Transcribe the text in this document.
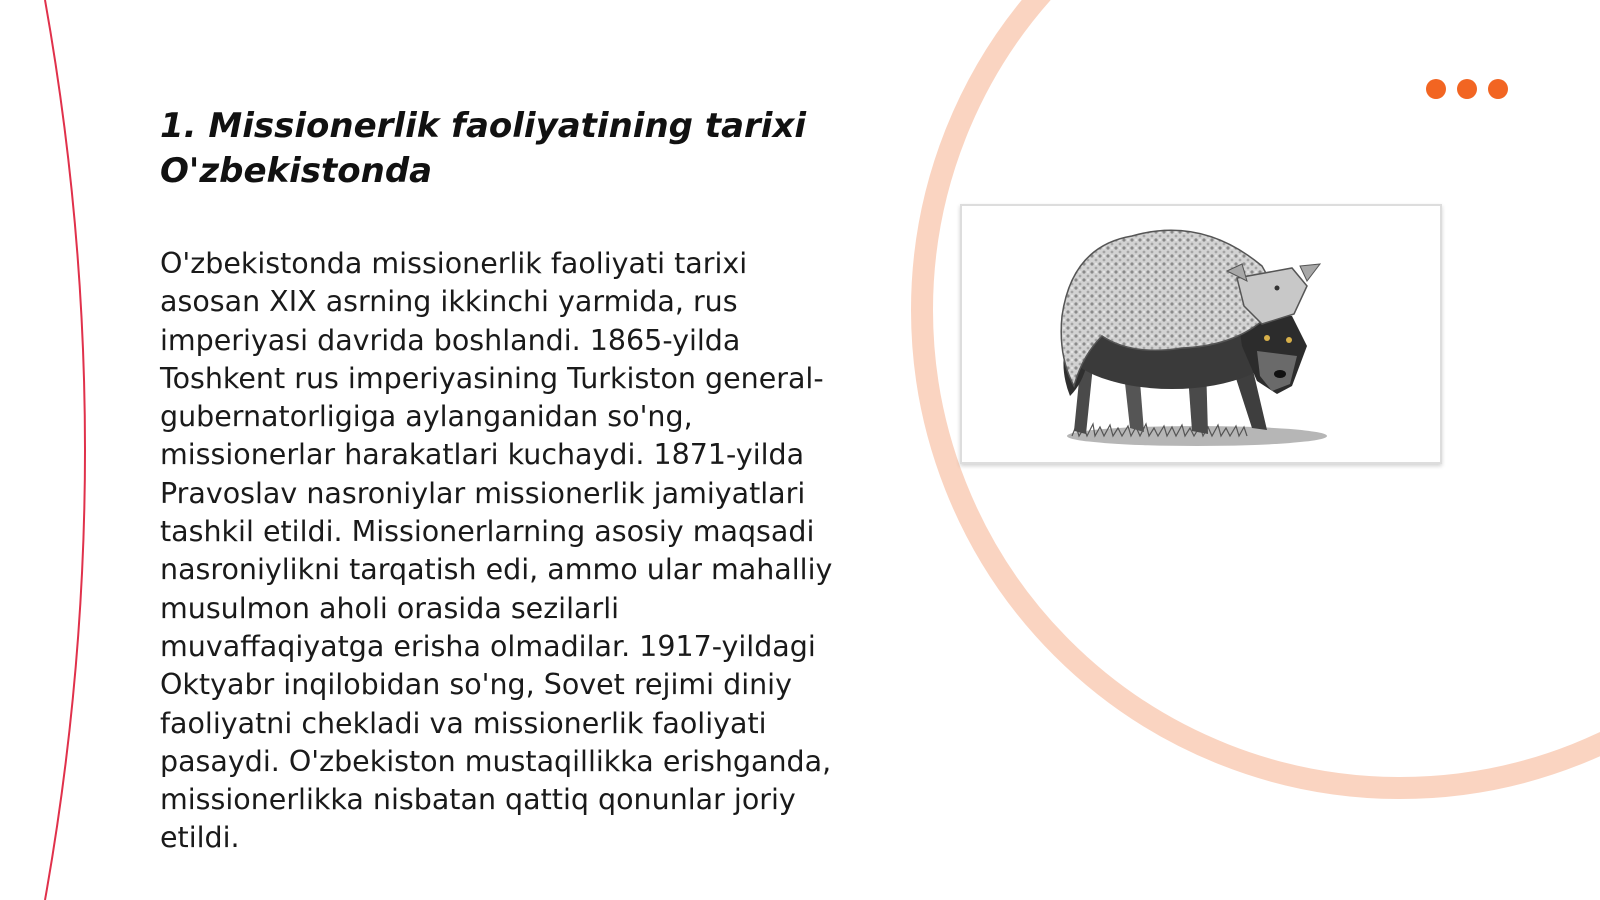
1. Missionerlik faoliyatining tarixi O'zbekistonda

O'zbekistonda missionerlik faoliyati tarixi asosan XIX asrning ikkinchi yarmida, rus imperiyasi davrida boshlandi. 1865-yilda Toshkent rus imperiyasining Turkiston general-gubernatorligiga aylanganidan so'ng, missionerlar harakatlari kuchaydi. 1871-yilda Pravoslav nasroniylar missionerlik jamiyatlari tashkil etildi. Missionerlarning asosiy maqsadi nasroniylikni tarqatish edi, ammo ular mahalliy musulmon aholi orasida sezilarli muvaffaqiyatga erisha olmadilar. 1917-yildagi Oktyabr inqilobidan so'ng, Sovet rejimi diniy faoliyatni chekladi va missionerlik faoliyati pasaydi. O'zbekiston mustaqillikka erishganda, missionerlikka nisbatan qattiq qonunlar joriy etildi.
